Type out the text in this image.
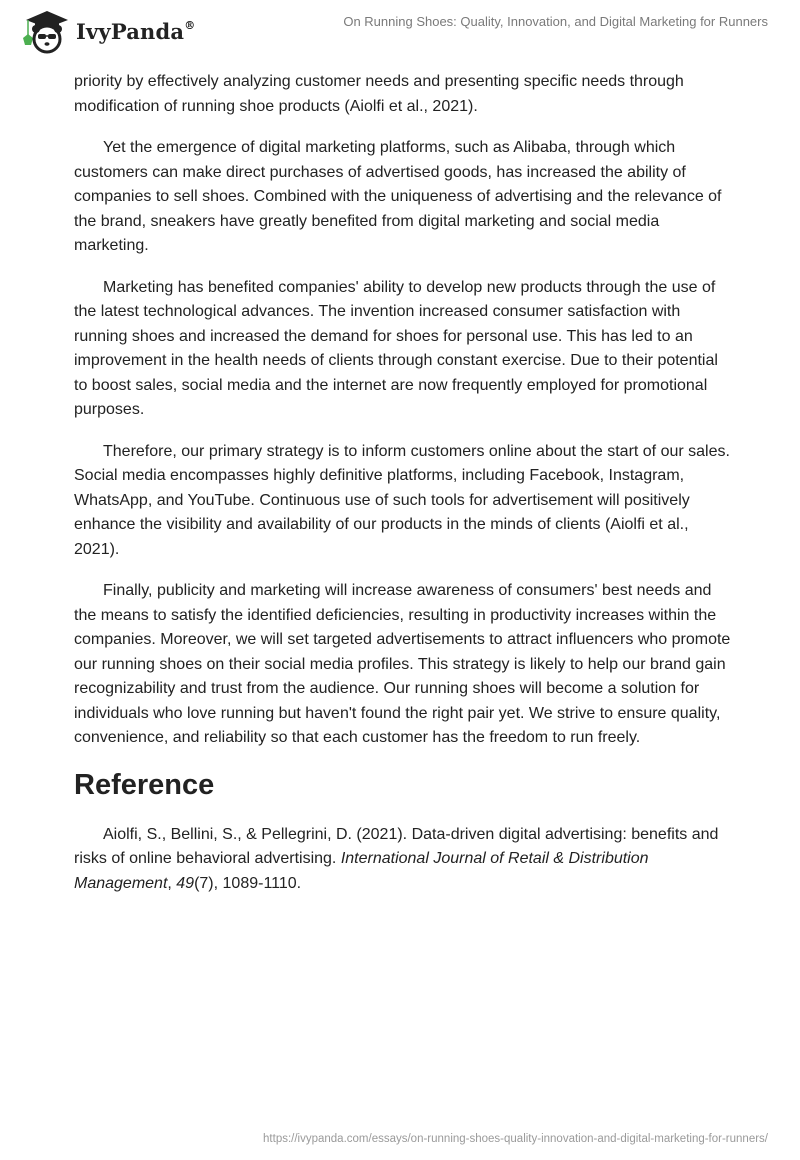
IvyPanda®	On Running Shoes: Quality, Innovation, and Digital Marketing for Runners

priority by effectively analyzing customer needs and presenting specific needs through modification of running shoe products (Aiolfi et al., 2021).

Yet the emergence of digital marketing platforms, such as Alibaba, through which customers can make direct purchases of advertised goods, has increased the ability of companies to sell shoes. Combined with the uniqueness of advertising and the relevance of the brand, sneakers have greatly benefited from digital marketing and social media marketing.

Marketing has benefited companies' ability to develop new products through the use of the latest technological advances. The invention increased consumer satisfaction with running shoes and increased the demand for shoes for personal use. This has led to an improvement in the health needs of clients through constant exercise. Due to their potential to boost sales, social media and the internet are now frequently employed for promotional purposes.

Therefore, our primary strategy is to inform customers online about the start of our sales. Social media encompasses highly definitive platforms, including Facebook, Instagram, WhatsApp, and YouTube. Continuous use of such tools for advertisement will positively enhance the visibility and availability of our products in the minds of clients (Aiolfi et al., 2021).

Finally, publicity and marketing will increase awareness of consumers' best needs and the means to satisfy the identified deficiencies, resulting in productivity increases within the companies. Moreover, we will set targeted advertisements to attract influencers who promote our running shoes on their social media profiles. This strategy is likely to help our brand gain recognizability and trust from the audience. Our running shoes will become a solution for individuals who love running but haven't found the right pair yet. We strive to ensure quality, convenience, and reliability so that each customer has the freedom to run freely.

Reference

Aiolfi, S., Bellini, S., & Pellegrini, D. (2021). Data-driven digital advertising: benefits and risks of online behavioral advertising. International Journal of Retail & Distribution Management, 49(7), 1089-1110.

https://ivypanda.com/essays/on-running-shoes-quality-innovation-and-digital-marketing-for-runners/
